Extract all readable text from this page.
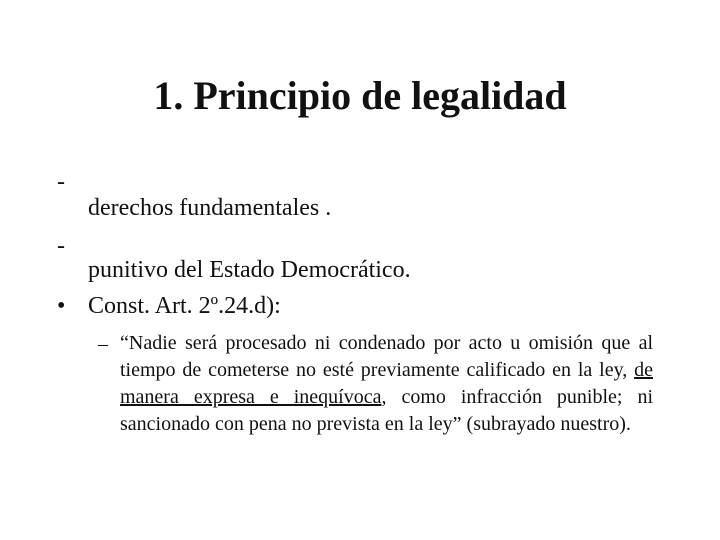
1. Principio de legalidad
-
derechos fundamentales .
-
punitivo del Estado Democrático.
• Const. Art. 2º.24.d):
– “Nadie será procesado ni condenado por acto u omisión que al tiempo de cometerse no esté previamente calificado en la ley, de manera expresa e inequívoca, como infracción punible; ni sancionado con pena no prevista en la ley” (subrayado nuestro).
